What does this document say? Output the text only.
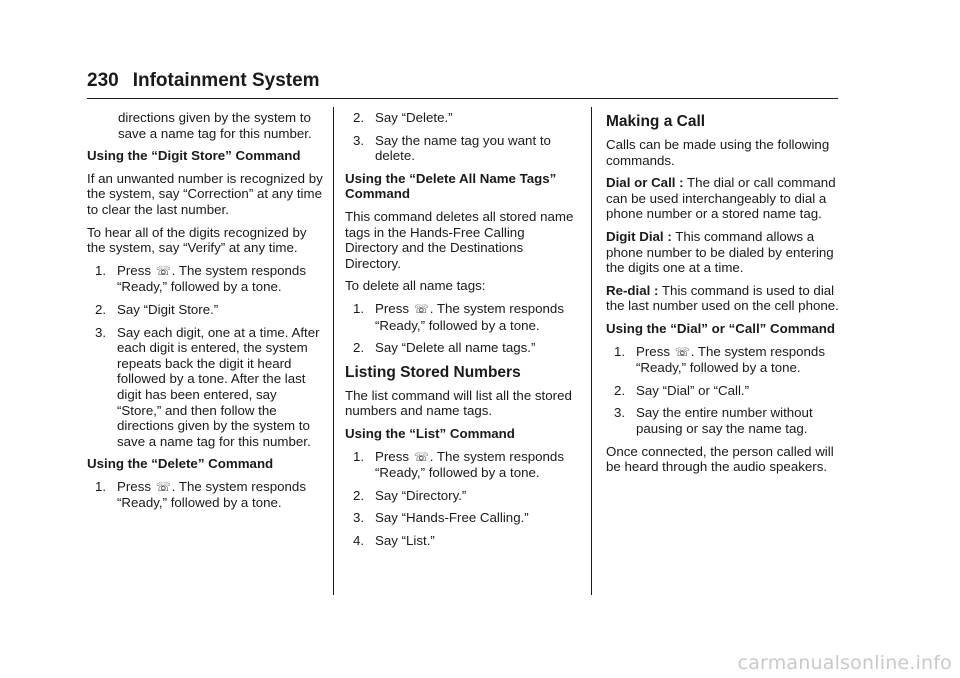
230 Infotainment System

directions given by the system to save a name tag for this number.

Using the “Digit Store” Command

If an unwanted number is recognized by the system, say “Correction” at any time to clear the last number.

To hear all of the digits recognized by the system, say “Verify” at any time.

1. Press ☏. The system responds “Ready,” followed by a tone.
2. Say “Digit Store.”
3. Say each digit, one at a time. After each digit is entered, the system repeats back the digit it heard followed by a tone. After the last digit has been entered, say “Store,” and then follow the directions given by the system to save a name tag for this number.

Using the “Delete” Command

1. Press ☏. The system responds “Ready,” followed by a tone.
2. Say “Delete.”
3. Say the name tag you want to delete.

Using the “Delete All Name Tags” Command

This command deletes all stored name tags in the Hands-Free Calling Directory and the Destinations Directory.

To delete all name tags:

1. Press ☏. The system responds “Ready,” followed by a tone.
2. Say “Delete all name tags.”
Listing Stored Numbers

The list command will list all the stored numbers and name tags.

Using the “List” Command

1. Press ☏. The system responds “Ready,” followed by a tone.
2. Say “Directory.”
3. Say “Hands-Free Calling.”
4. Say “List.”
Making a Call

Calls can be made using the following commands.

Dial or Call : The dial or call command can be used interchangeably to dial a phone number or a stored name tag.

Digit Dial : This command allows a phone number to be dialed by entering the digits one at a time.

Re-dial : This command is used to dial the last number used on the cell phone.

Using the “Dial” or “Call” Command

1. Press ☏. The system responds “Ready,” followed by a tone.
2. Say “Dial” or “Call.”
3. Say the entire number without pausing or say the name tag.

Once connected, the person called will be heard through the audio speakers.

carmanualsonline.info
